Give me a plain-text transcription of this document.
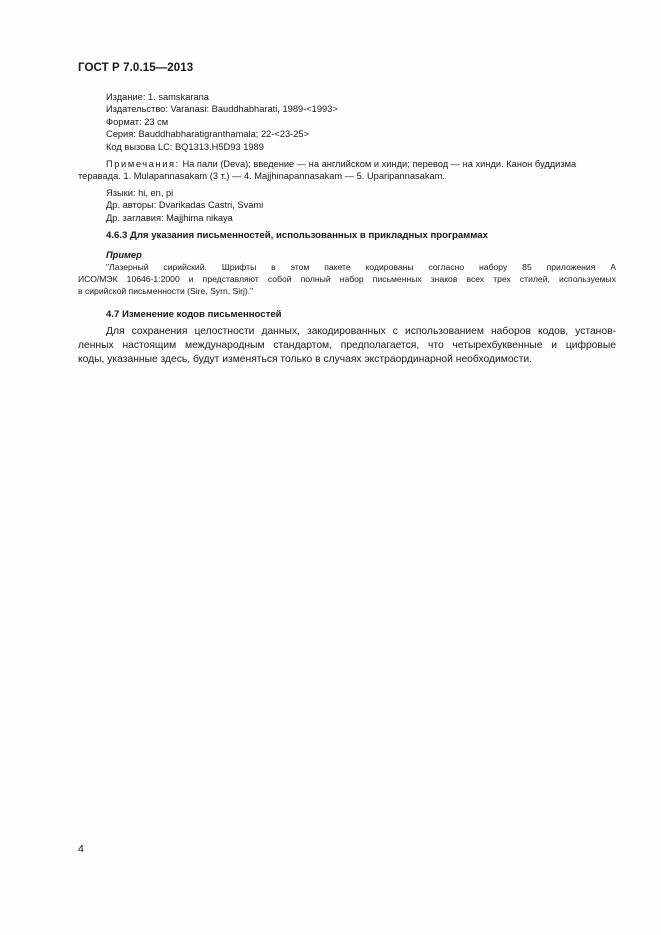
ГОСТ Р 7.0.15—2013
Издание: 1. samskarana
Издательство: Varanasi: Bauddhabharati, 1989-<1993>
Формат: 23 см
Серия: Bauddhabharatigranthamala; 22-<23-25>
Код вызова LC: BQ1313.H5D93 1989
Примечания: На пали (Deva); введение — на английском и хинди; перевод — на хинди. Канон буддизма
теравада. 1. Mulapannasakam (3 т.) — 4. Majjhinapannasakam — 5. Uparipannasakam.
Языки: hi, en, pi
Др. авторы: Dvarikadas Castri, Svami
Др. заглавия: Majjhima nikaya
4.6.3 Для указания письменностей, использованных в прикладных программах
Пример
"Лазерный сирийский. Шрифты в этом пакете кодированы согласно набору 85 приложения А
ИСО/МЭК 10646-1:2000 и представляют собой полный набор письменных знаков всех трех стилей, используемых
в сирийской письменности (Sire, Syrn, Sirj)."
4.7 Изменение кодов письменностей
Для сохранения целостности данных, закодированных с использованием наборов кодов, установ-
ленных настоящим международным стандартом, предполагается, что четырехбуквенные и цифровые
коды, указанные здесь, будут изменяться только в случаях экстраординарной необходимости.
4
